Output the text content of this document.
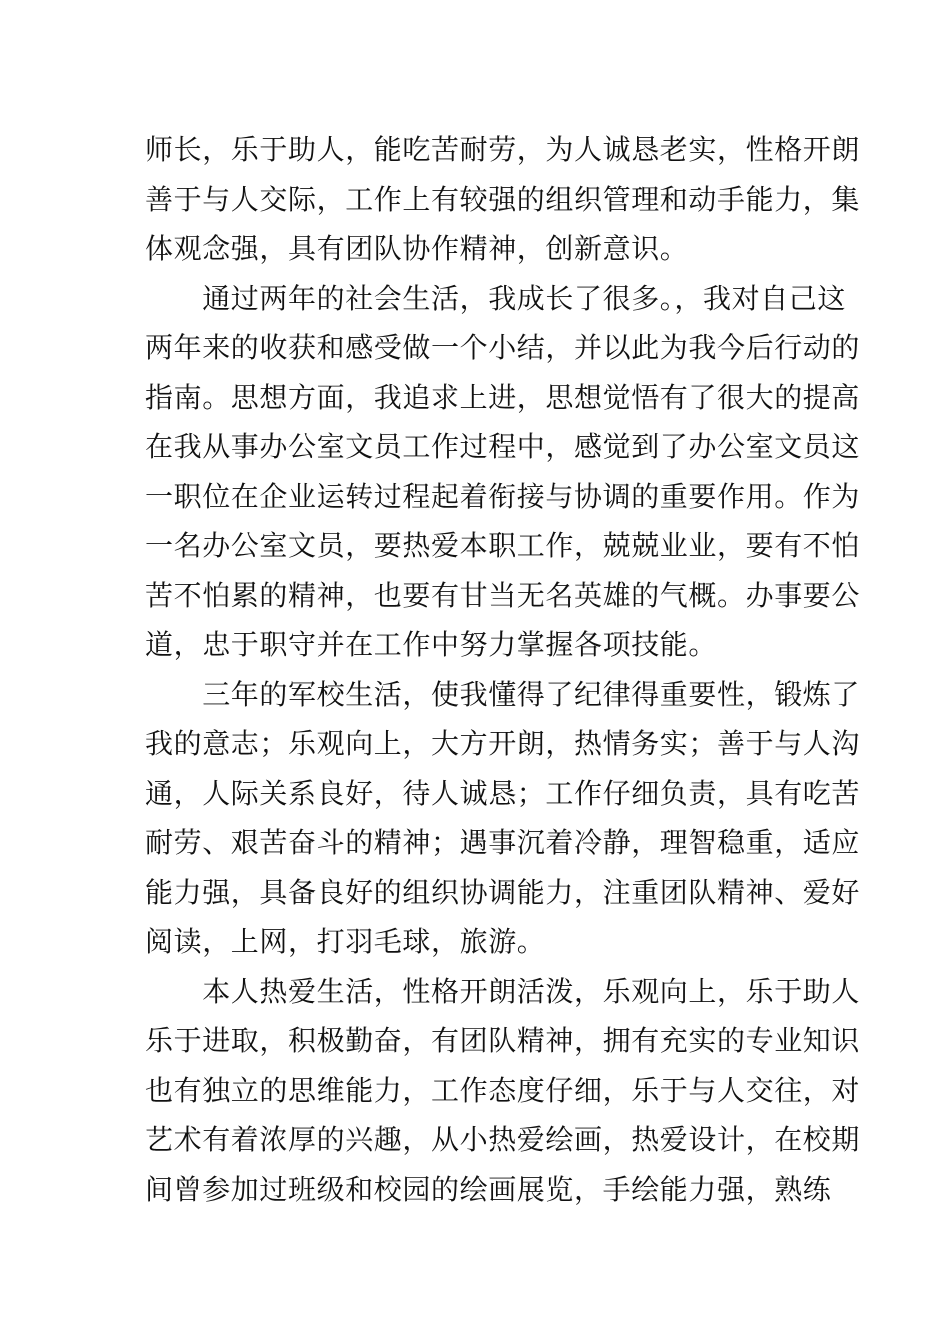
师长，乐于助人，能吃苦耐劳，为人诚恳老实，性格开朗
善于与人交际，工作上有较强的组织管理和动手能力，集
体观念强，具有团队协作精神，创新意识。
　　通过两年的社会生活，我成长了很多。，我对自己这
两年来的收获和感受做一个小结，并以此为我今后行动的
指南。思想方面，我追求上进，思想觉悟有了很大的提高
在我从事办公室文员工作过程中，感觉到了办公室文员这
一职位在企业运转过程起着衔接与协调的重要作用。作为
一名办公室文员，要热爱本职工作，兢兢业业，要有不怕
苦不怕累的精神，也要有甘当无名英雄的气概。办事要公
道，忠于职守并在工作中努力掌握各项技能。
　　三年的军校生活，使我懂得了纪律得重要性，锻炼了
我的意志；乐观向上，大方开朗，热情务实；善于与人沟
通，人际关系良好，待人诚恳；工作仔细负责，具有吃苦
耐劳、艰苦奋斗的精神；遇事沉着冷静，理智稳重，适应
能力强，具备良好的组织协调能力，注重团队精神、爱好
阅读，上网，打羽毛球，旅游。
　　本人热爱生活，性格开朗活泼，乐观向上，乐于助人
乐于进取，积极勤奋，有团队精神，拥有充实的专业知识
也有独立的思维能力，工作态度仔细，乐于与人交往，对
艺术有着浓厚的兴趣，从小热爱绘画，热爱设计，在校期
间曾参加过班级和校园的绘画展览，手绘能力强，熟练
